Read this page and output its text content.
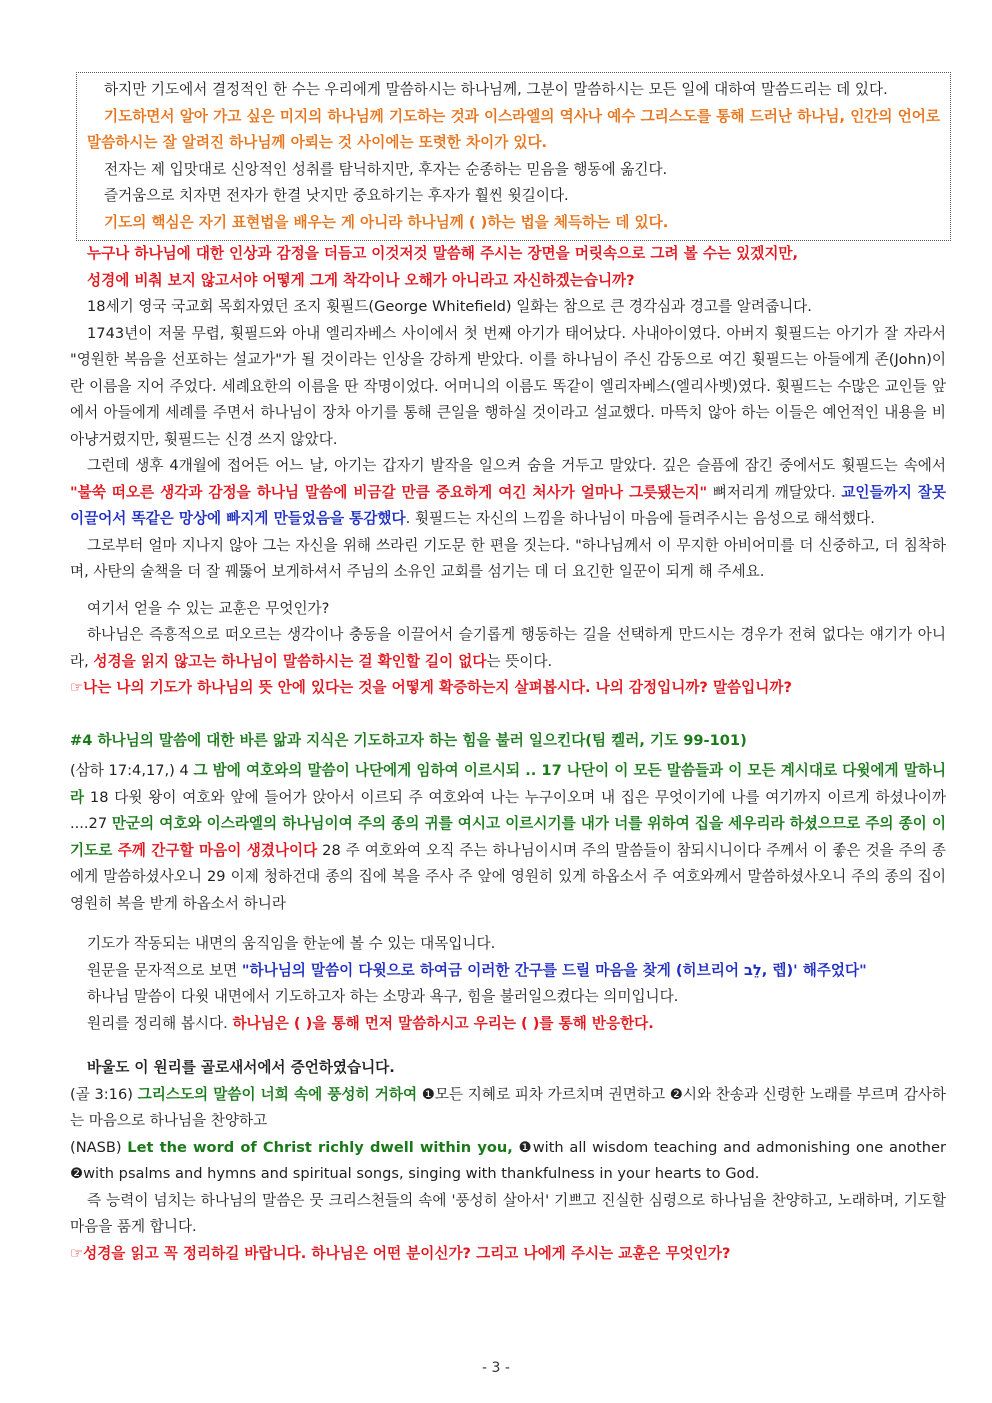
하지만 기도에서 결정적인 한 수는 우리에게 말씀하시는 하나님께, 그분이 말씀하시는 모든 일에 대하여 말씀드리는 데 있다.

기도하면서 알아 가고 싶은 미지의 하나님께 기도하는 것과 이스라엘의 역사나 예수 그리스도를 통해 드러난 하나님, 인간의 언어로 말씀하시는 잘 알려진 하나님께 아뢰는 것 사이에는 또렷한 차이가 있다.

전자는 제 입맛대로 신앙적인 성취를 탐닉하지만, 후자는 순종하는 믿음을 행동에 옮긴다.

즐거움으로 치자면 전자가 한결 낫지만 중요하기는 후자가 훨씬 윗길이다.

기도의 핵심은 자기 표현법을 배우는 게 아니라 하나님께 ( )하는 법을 체득하는 데 있다.

누구나 하나님에 대한 인상과 감정을 더듬고 이것저것 말씀해 주시는 장면을 머릿속으로 그려 볼 수는 있겠지만,

성경에 비춰 보지 않고서야 어떻게 그게 착각이나 오해가 아니라고 자신하겠는습니까?

18세기 영국 국교회 목회자였던 조지 휫필드(George Whitefield) 일화는 참으로 큰 경각심과 경고를 알려줍니다.

1743년이 저물 무렵, 휫필드와 아내 엘리자베스 사이에서 첫 번째 아기가 태어났다. 사내아이였다. 아버지 휫필드는 아기가 잘 자라서 "영원한 복음을 선포하는 설교가"가 될 것이라는 인상을 강하게 받았다. 이를 하나님이 주신 감동으로 여긴 휫필드는 아들에게 존(John)이란 이름을 지어 주었다. 세례요한의 이름을 딴 작명이었다. 어머니의 이름도 똑같이 엘리자베스(엘리사벳)였다. 휫필드는 수많은 교인들 앞에서 아들에게 세례를 주면서 하나님이 장차 아기를 통해 큰일을 행하실 것이라고 설교했다. 마뜩치 않아 하는 이들은 예언적인 내용을 비아냥거렸지만, 휫필드는 신경 쓰지 않았다.

그런데 생후 4개월에 접어든 어느 날, 아기는 갑자기 발작을 일으켜 숨을 거두고 말았다. 깊은 슬픔에 잠긴 중에서도 휫필드는 속에서 "불쑥 떠오른 생각과 감정을 하나님 말씀에 비금갈 만큼 중요하게 여긴 처사가 얼마나 그릇됐는지" 뼈저리게 깨달았다. 교인들까지 잘못 이끌어서 똑같은 망상에 빠지게 만들었음을 통감했다. 휫필드는 자신의 느낌을 하나님이 마음에 들려주시는 음성으로 해석했다.

그로부터 얼마 지나지 않아 그는 자신을 위해 쓰라린 기도문 한 편을 짓는다. "하나님께서 이 무지한 아비어미를 더 신중하고, 더 침착하며, 사탄의 술책을 더 잘 꿰뚫어 보게하셔서 주님의 소유인 교회를 섬기는 데 더 요긴한 일꾼이 되게 해 주세요.

여기서 얻을 수 있는 교훈은 무엇인가?

하나님은 즉흥적으로 떠오르는 생각이나 충동을 이끌어서 슬기롭게 행동하는 길을 선택하게 만드시는 경우가 전혀 없다는 얘기가 아니라, 성경을 읽지 않고는 하나님이 말씀하시는 걸 확인할 길이 없다는 뜻이다.

☞나는 나의 기도가 하나님의 뜻 안에 있다는 것을 어떻게 확증하는지 살펴봅시다. 나의 감정입니까? 말씀입니까?

#4 하나님의 말씀에 대한 바른 앎과 지식은 기도하고자 하는 힘을 불러 일으킨다(팀 켈러, 기도 99-101)

(삼하 17:4,17,) 4 그 밤에 여호와의 말씀이 나단에게 임하여 이르시되 .. 17 나단이 이 모든 말씀들과 이 모든 계시대로 다윗에게 말하니라 18 다윗 왕이 여호와 앞에 들어가 앉아서 이르되 주 여호와여 나는 누구이오며 내 집은 무엇이기에 나를 여기까지 이르게 하셨나이까 ....27 만군의 여호와 이스라엘의 하나님이여 주의 종의 귀를 여시고 이르시기를 내가 너를 위하여 집을 세우리라 하셨으므로 주의 종이 이 기도로 주께 간구할 마음이 생겼나이다 28 주 여호와여 오직 주는 하나님이시며 주의 말씀들이 참되시니이다 주께서 이 좋은 것을 주의 종에게 말씀하셨사오니 29 이제 청하건대 종의 집에 복을 주사 주 앞에 영원히 있게 하옵소서 주 여호와께서 말씀하셨사오니 주의 종의 집이 영원히 복을 받게 하옵소서 하니라

기도가 작동되는 내면의 움직임을 한눈에 볼 수 있는 대목입니다.

원문을 문자적으로 보면 "하나님의 말씀이 다윗으로 하여금 이러한 간구를 드릴 마음을 찾게 (히브리어 לֵב, 렙)' 해주었다"

하나님 말씀이 다윗 내면에서 기도하고자 하는 소망과 욕구, 힘을 불러일으켰다는 의미입니다.

원리를 정리해 봅시다. 하나님은 ( )을 통해 먼저 말씀하시고 우리는 ( )를 통해 반응한다.

바울도 이 원리를 골로새서에서 증언하였습니다.

(골 3:16) 그리스도의 말씀이 너희 속에 풍성히 거하여 ❶모든 지혜로 피차 가르치며 권면하고 ❷시와 찬송과 신령한 노래를 부르며 감사하는 마음으로 하나님을 찬양하고

(NASB) Let the word of Christ richly dwell within you, ❶with all wisdom teaching and admonishing one another ❷with psalms and hymns and spiritual songs, singing with thankfulness in your hearts to God.

즉 능력이 넘치는 하나님의 말씀은 뭇 크리스천들의 속에 '풍성히 살아서' 기쁘고 진실한 심령으로 하나님을 찬양하고, 노래하며, 기도할 마음을 품게 합니다.

☞성경을 읽고 꼭 정리하길 바랍니다. 하나님은 어떤 분이신가? 그리고 나에게 주시는 교훈은 무엇인가?

- 3 -
